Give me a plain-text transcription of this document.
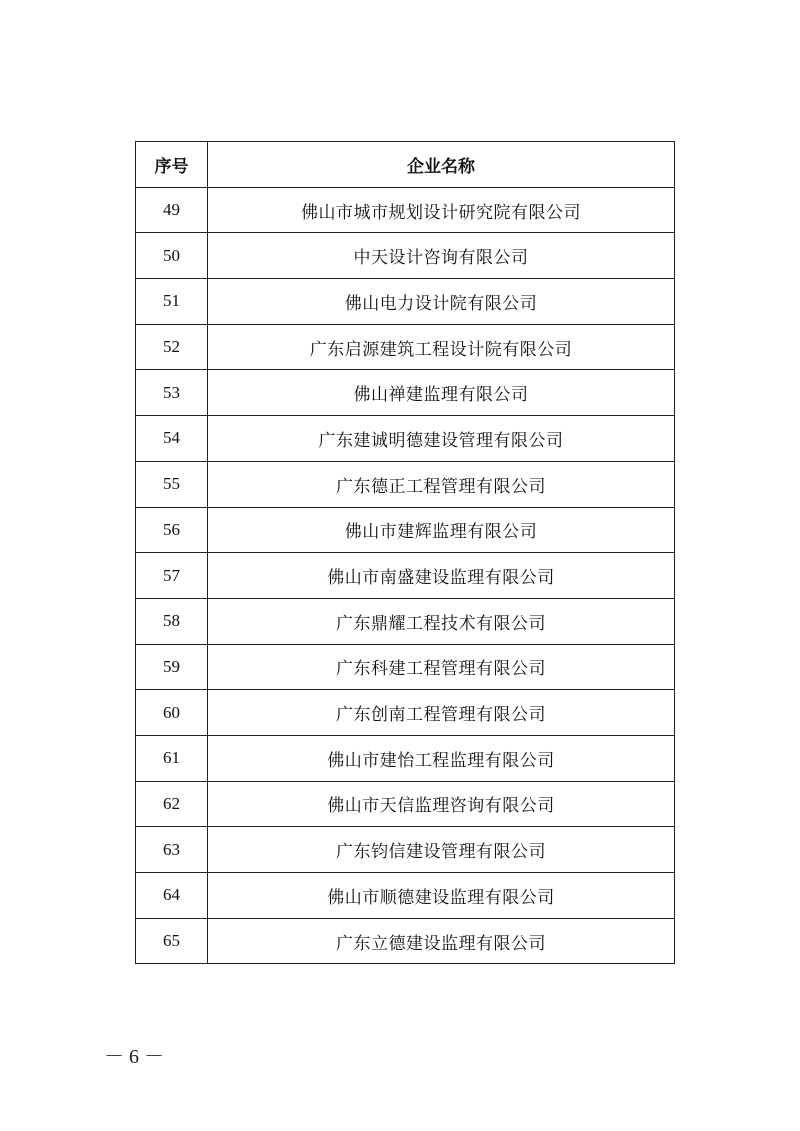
序号	企业名称
49	佛山市城市规划设计研究院有限公司
50	中天设计咨询有限公司
51	佛山电力设计院有限公司
52	广东启源建筑工程设计院有限公司
53	佛山禅建监理有限公司
54	广东建诚明德建设管理有限公司
55	广东德正工程管理有限公司
56	佛山市建辉监理有限公司
57	佛山市南盛建设监理有限公司
58	广东鼎耀工程技术有限公司
59	广东科建工程管理有限公司
60	广东创南工程管理有限公司
61	佛山市建怡工程监理有限公司
62	佛山市天信监理咨询有限公司
63	广东钧信建设管理有限公司
64	佛山市顺德建设监理有限公司
65	广东立德建设监理有限公司
－ 6 －
